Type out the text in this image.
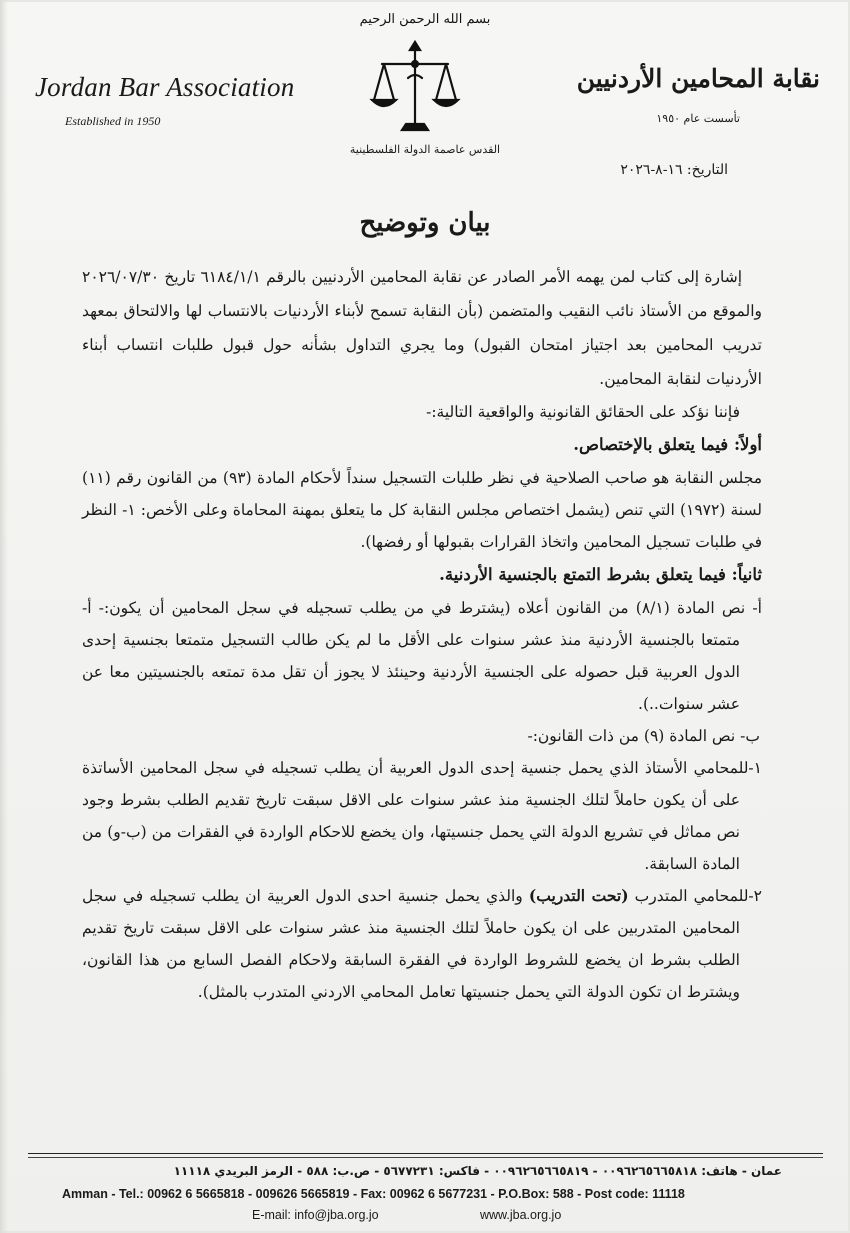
بسم الله الرحمن الرحيم
Jordan Bar Association
Established in 1950
نقابة المحامين الأردنيين
تأسست عام ١٩٥٠
القدس عاصمة الدولة الفلسطينية
التاريخ: ١٦-٨-٢٠٢٦
بيان وتوضيح

إشارة إلى كتاب لمن يهمه الأمر الصادر عن نقابة المحامين الأردنيين بالرقم ٦١٨٤/١/١ تاريخ ٢٠٢٦/٠٧/٣٠ والموقع من الأستاذ نائب النقيب والمتضمن (بأن النقابة تسمح لأبناء الأردنيات بالانتساب لها والالتحاق بمعهد تدريب المحامين بعد اجتياز امتحان القبول) وما يجري التداول بشأنه حول قبول طلبات انتساب أبناء الأردنيات لنقابة المحامين.

فإننا نؤكد على الحقائق القانونية والواقعية التالية:-

أولاً: فيما يتعلق بالإختصاص.

مجلس النقابة هو صاحب الصلاحية في نظر طلبات التسجيل سنداً لأحكام المادة (٩٣) من القانون رقم (١١) لسنة (١٩٧٢) التي تنص (يشمل اختصاص مجلس النقابة كل ما يتعلق بمهنة المحاماة وعلى الأخص: ١- النظر في طلبات تسجيل المحامين واتخاذ القرارات بقبولها أو رفضها).

ثانياً: فيما يتعلق بشرط التمتع بالجنسية الأردنية.

أ- نص المادة (٨/١) من القانون أعلاه (يشترط في من يطلب تسجيله في سجل المحامين أن يكون:- أ- متمتعا بالجنسية الأردنية منذ عشر سنوات على الأقل ما لم يكن طالب التسجيل متمتعا بجنسية إحدى الدول العربية قبل حصوله على الجنسية الأردنية وحينئذ لا يجوز أن تقل مدة تمتعه بالجنسيتين معا عن عشر سنوات..).

ب- نص المادة (٩) من ذات القانون:-

١-للمحامي الأستاذ الذي يحمل جنسية إحدى الدول العربية أن يطلب تسجيله في سجل المحامين الأساتذة على أن يكون حاملاً لتلك الجنسية منذ عشر سنوات على الاقل سبقت تاريخ تقديم الطلب بشرط وجود نص مماثل في تشريع الدولة التي يحمل جنسيتها، وان يخضع للاحكام الواردة في الفقرات من (ب-و) من المادة السابقة.

٢-للمحامي المتدرب (تحت التدريب) والذي يحمل جنسية احدى الدول العربية ان يطلب تسجيله في سجل المحامين المتدربين على ان يكون حاملاً لتلك الجنسية منذ عشر سنوات على الاقل سبقت تاريخ تقديم الطلب بشرط ان يخضع للشروط الواردة في الفقرة السابقة ولاحكام الفصل السابع من هذا القانون، ويشترط ان تكون الدولة التي يحمل جنسيتها تعامل المحامي الاردني المتدرب بالمثل).

عمان - هاتف: ٠٠٩٦٢٦٥٦٦٥٨١٨ - ٠٠٩٦٢٦٥٦٦٥٨١٩ - فاكس: ٥٦٧٧٢٣١ - ص.ب: ٥٨٨ - الرمز البريدي ١١١١٨
Amman - Tel.: 00962 6 5665818 - 009626 5665819 - Fax: 00962 6 5677231 - P.O.Box: 588 - Post code: 11118
E-mail: info@jba.org.jo	www.jba.org.jo
